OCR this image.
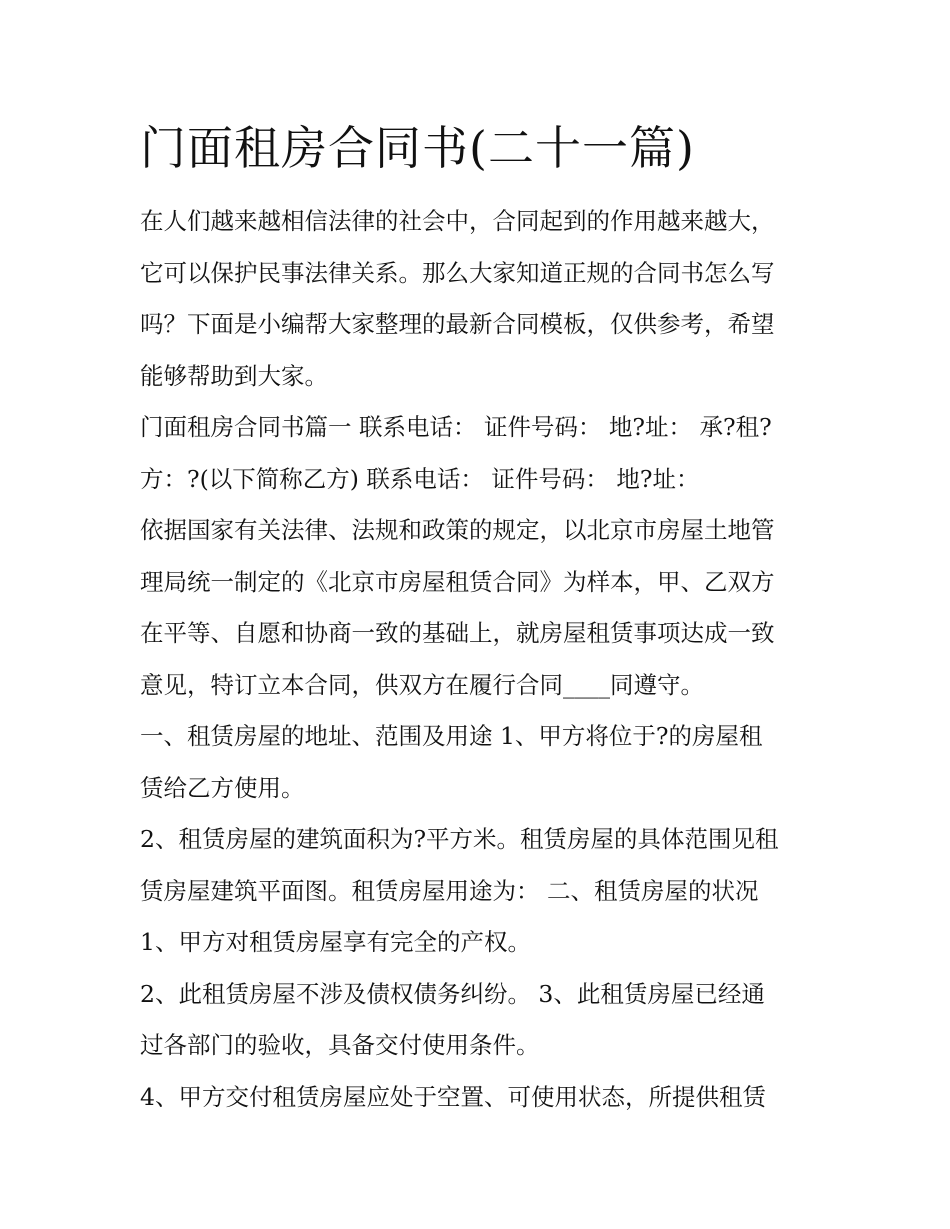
门面租房合同书(二十一篇)
在人们越来越相信法律的社会中，合同起到的作用越来越大，
它可以保护民事法律关系。那么大家知道正规的合同书怎么写
吗？下面是小编帮大家整理的最新合同模板，仅供参考，希望
能够帮助到大家。
门面租房合同书篇一 联系电话： 证件号码： 地?址： 承?租?
方：?(以下简称乙方) 联系电话： 证件号码： 地?址：
依据国家有关法律、法规和政策的规定，以北京市房屋土地管
理局统一制定的《北京市房屋租赁合同》为样本，甲、乙双方
在平等、自愿和协商一致的基础上，就房屋租赁事项达成一致
意见，特订立本合同，供双方在履行合同____同遵守。
一、租赁房屋的地址、范围及用途 1、甲方将位于?的房屋租
赁给乙方使用。
2、租赁房屋的建筑面积为?平方米。租赁房屋的具体范围见租
赁房屋建筑平面图。租赁房屋用途为： 二、租赁房屋的状况
1、甲方对租赁房屋享有完全的产权。
2、此租赁房屋不涉及债权债务纠纷。 3、此租赁房屋已经通
过各部门的验收，具备交付使用条件。
4、甲方交付租赁房屋应处于空置、可使用状态，所提供租赁
